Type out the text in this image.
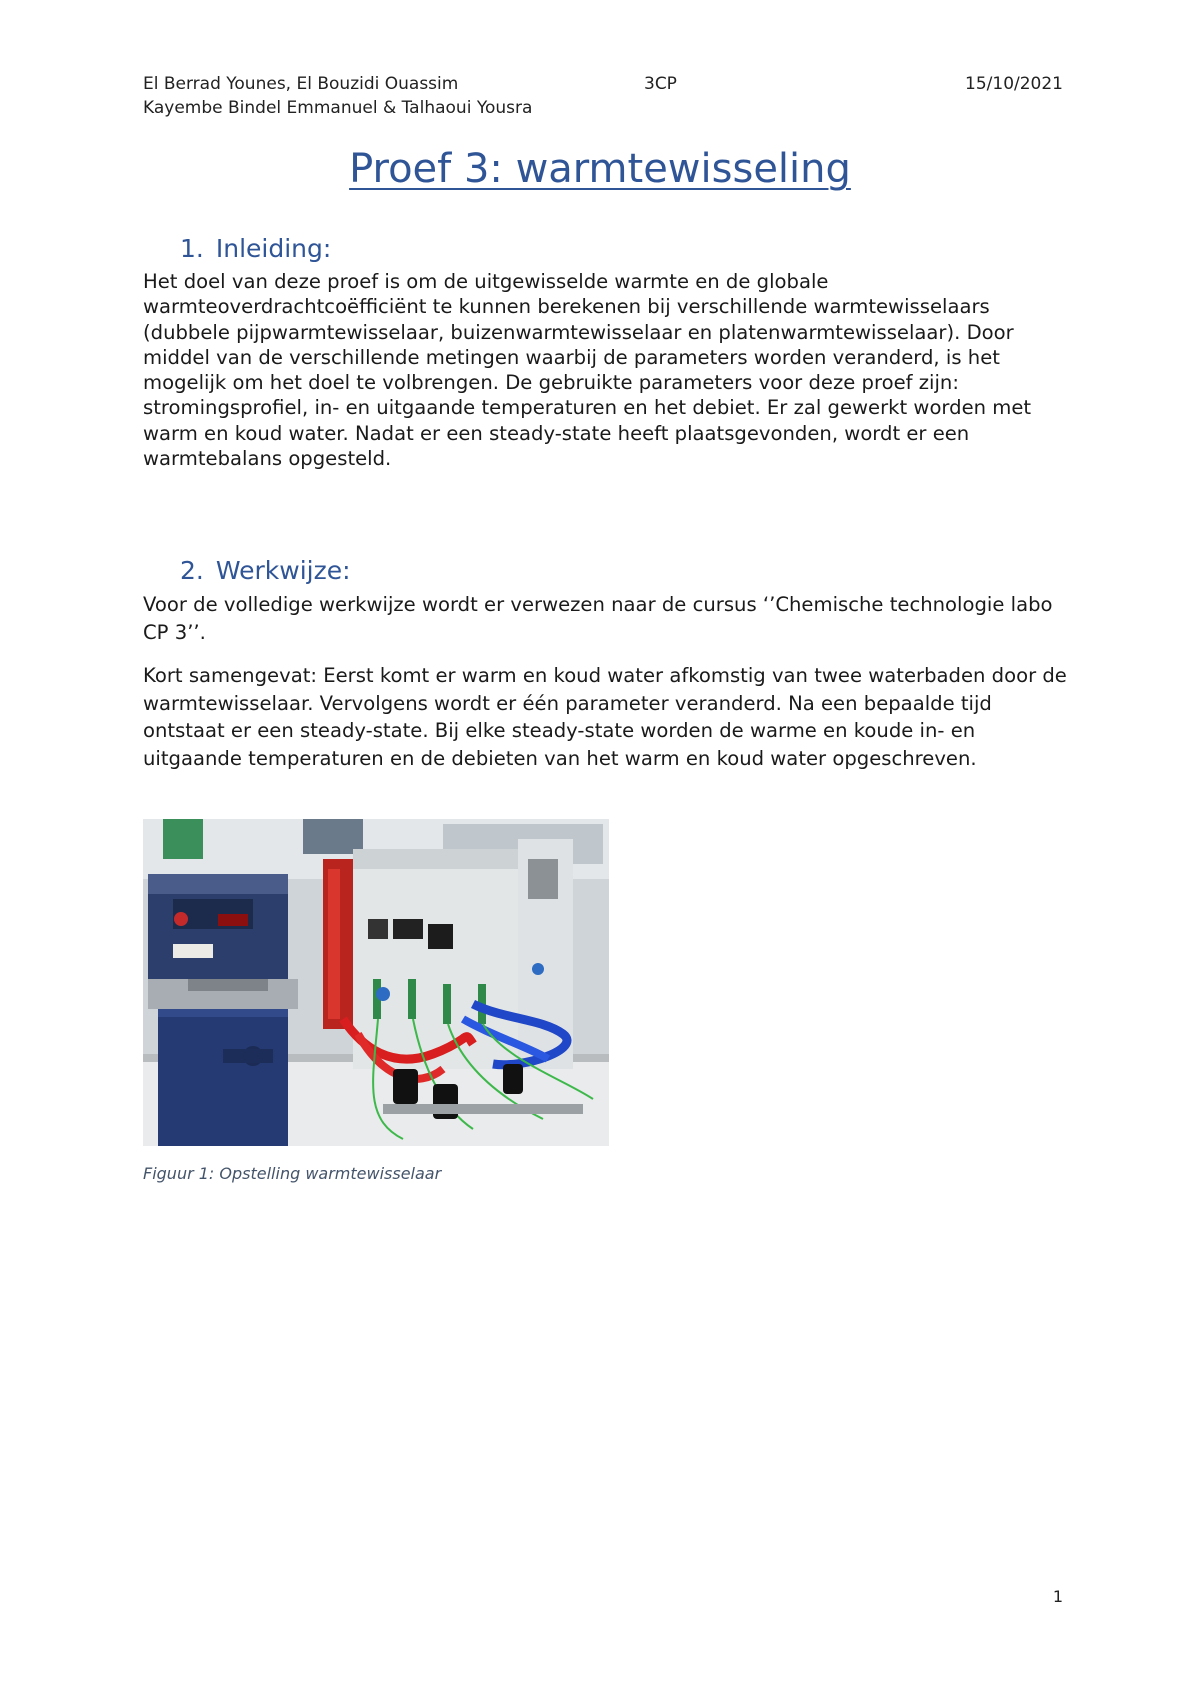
El Berrad Younes, El Bouzidi Ouassim
Kayembe Bindel Emmanuel & Talhaoui Yousra
3CP	15/10/2021
Proef 3: warmtewisseling
1. Inleiding:

Het doel van deze proef is om de uitgewisselde warmte en de globale warmteoverdrachtcoëfficiënt te kunnen berekenen bij verschillende warmtewisselaars (dubbele pijpwarmtewisselaar, buizenwarmtewisselaar en platenwarmtewisselaar). Door middel van de verschillende metingen waarbij de parameters worden veranderd, is het mogelijk om het doel te volbrengen. De gebruikte parameters voor deze proef zijn: stromingsprofiel, in- en uitgaande temperaturen en het debiet. Er zal gewerkt worden met warm en koud water. Nadat er een steady-state heeft plaatsgevonden, wordt er een warmtebalans opgesteld.

2. Werkwijze:

Voor de volledige werkwijze wordt er verwezen naar de cursus ‘’Chemische technologie labo CP 3’’.

Kort samengevat: Eerst komt er warm en koud water afkomstig van twee waterbaden door de warmtewisselaar. Vervolgens wordt er één parameter veranderd. Na een bepaalde tijd ontstaat er een steady-state. Bij elke steady-state worden de warme en koude in- en uitgaande temperaturen en de debieten van het warm en koud water opgeschreven.

Figuur 1: Opstelling warmtewisselaar
1
